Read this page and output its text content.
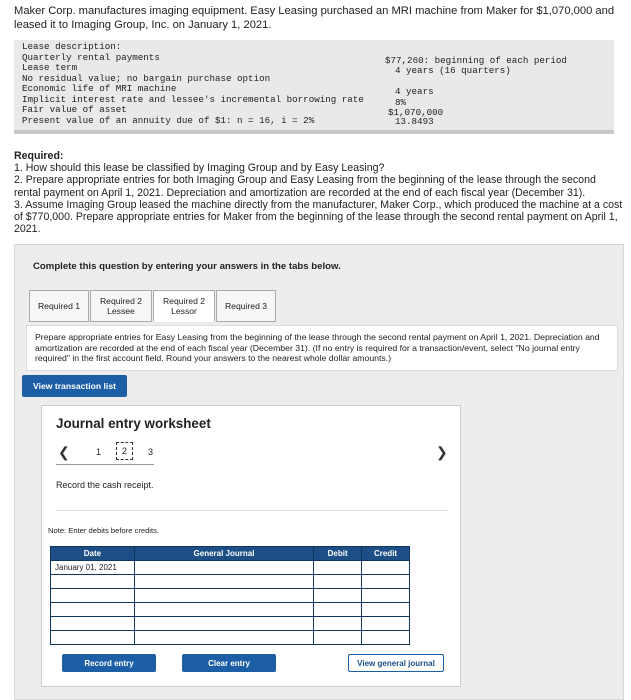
Maker Corp. manufactures imaging equipment. Easy Leasing purchased an MRI machine from Maker for $1,070,000 and leased it to Imaging Group, Inc. on January 1, 2021.
Lease description:
Quarterly rental payments	$77,260: beginning of each period
Lease term	4 years (16 quarters)
No residual value; no bargain purchase option
Economic life of MRI machine	4 years
Implicit interest rate and lessee's incremental borrowing rate	8%
Fair value of asset	$1,070,000
Present value of an annuity due of $1: n = 16, i = 2%	13.8493

Required:

1. How should this lease be classified by Imaging Group and by Easy Leasing?

2. Prepare appropriate entries for both Imaging Group and Easy Leasing from the beginning of the lease through the second rental payment on April 1, 2021. Depreciation and amortization are recorded at the end of each fiscal year (December 31).

3. Assume Imaging Group leased the machine directly from the manufacturer, Maker Corp., which produced the machine at a cost of $770,000. Prepare appropriate entries for Maker from the beginning of the lease through the second rental payment on April 1, 2021.

Complete this question by entering your answers in the tabs below.
Required 1 Required 2
Lessee
Required 2
Lessor	Required 3
Prepare appropriate entries for Easy Leasing from the beginning of the lease through the second rental payment on April 1, 2021. Depreciation and amortization are recorded at the end of each fiscal year (December 31). (If no entry is required for a transaction/event, select "No journal entry required" in the first account field. Round your answers to the nearest whole dollar amounts.)
View transaction list
Journal entry worksheet
❮	1	2	3	❯
Record the cash receipt.
Note: Enter debits before credits.
Date	General Journal	Debit	Credit
January 01, 2021			

Record entry	Clear entry	View general journal
